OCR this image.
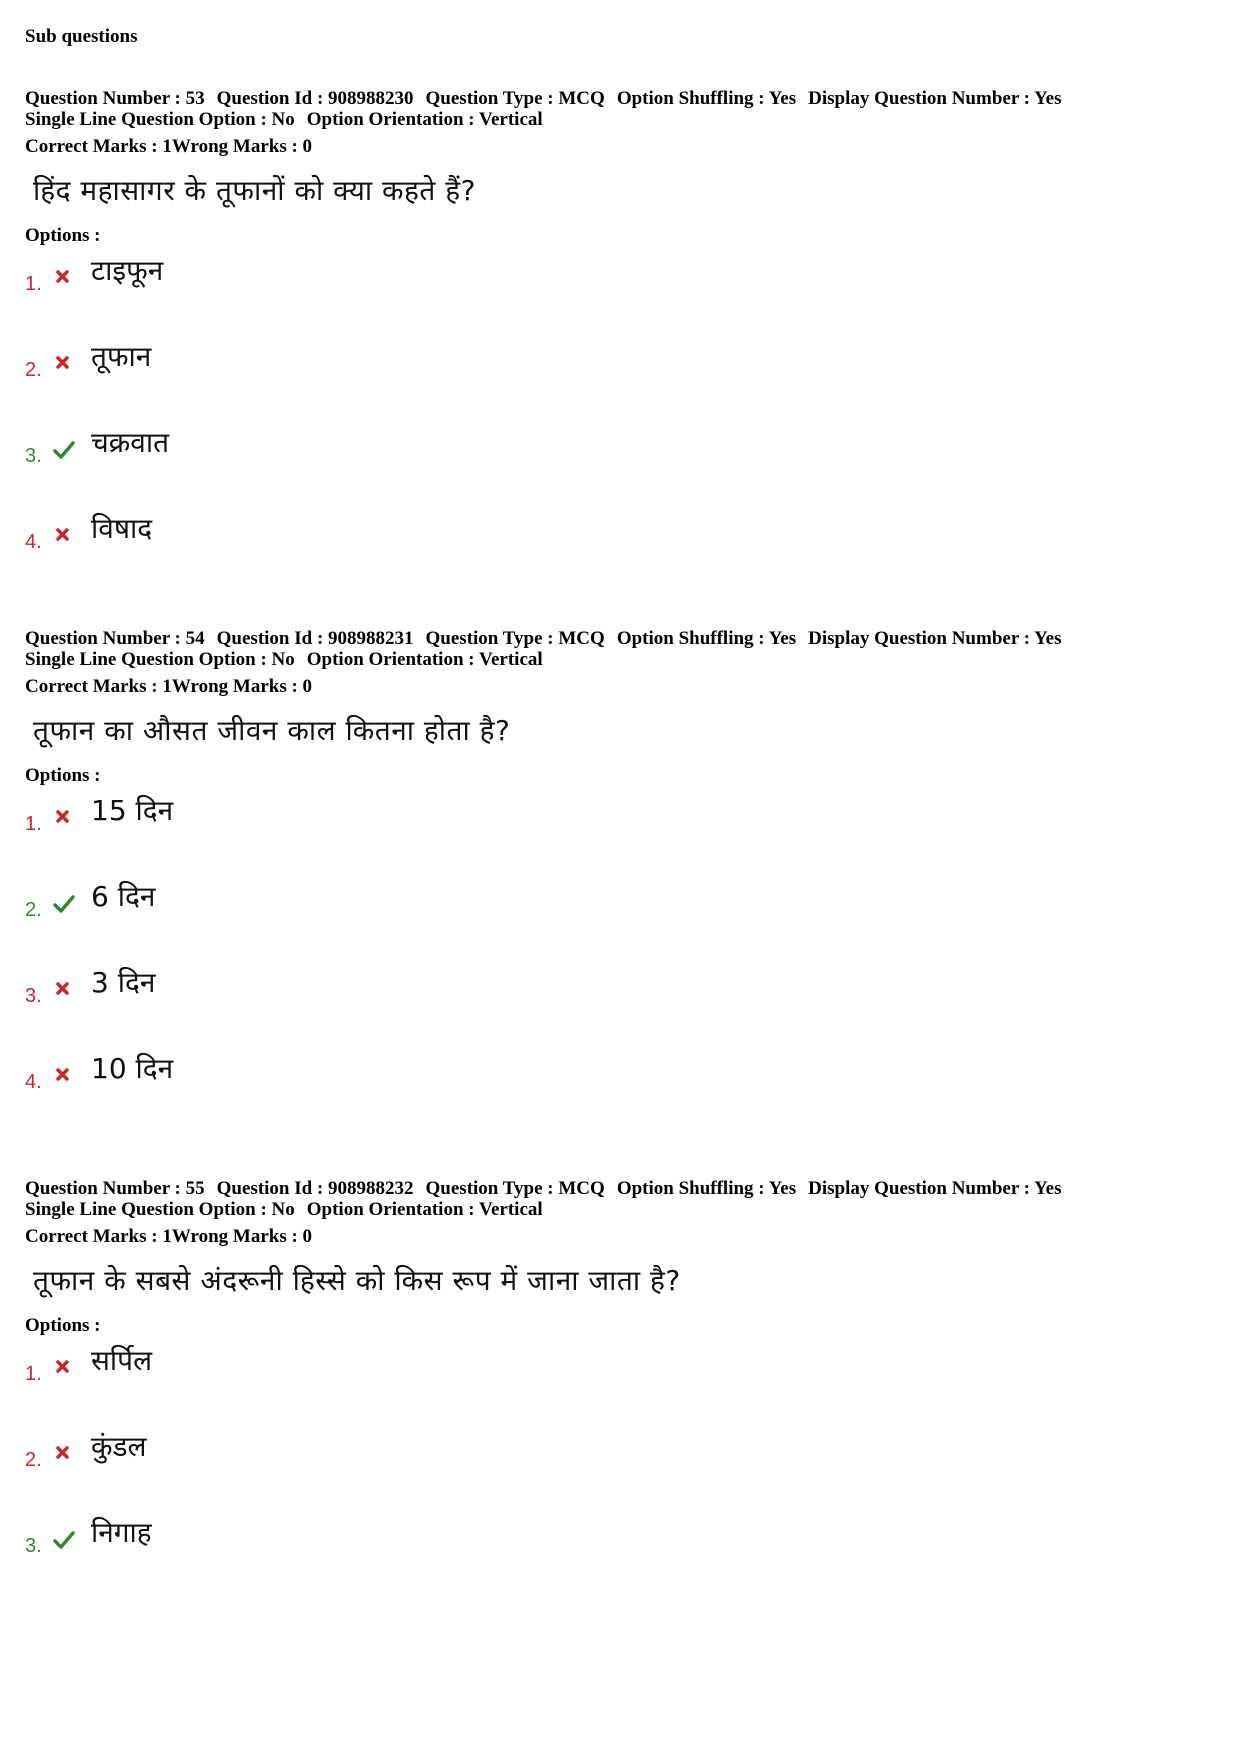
Sub questions
Question Number : 53 Question Id : 908988230 Question Type : MCQ Option Shuffling : Yes Display Question Number : Yes
Single Line Question Option : No Option Orientation : Vertical
Correct Marks : 1Wrong Marks : 0
हिंद महासागर के तूफानों को क्या कहते हैं?
Options :
1. टाइफून
2. तूफान
3. चक्रवात
4. विषाद
Question Number : 54 Question Id : 908988231 Question Type : MCQ Option Shuffling : Yes Display Question Number : Yes
Single Line Question Option : No Option Orientation : Vertical
Correct Marks : 1Wrong Marks : 0
तूफान का औसत जीवन काल कितना होता है?
Options :
1. 15 दिन
2. 6 दिन
3. 3 दिन
4. 10 दिन
Question Number : 55 Question Id : 908988232 Question Type : MCQ Option Shuffling : Yes Display Question Number : Yes
Single Line Question Option : No Option Orientation : Vertical
Correct Marks : 1Wrong Marks : 0
तूफान के सबसे अंदरूनी हिस्से को किस रूप में जाना जाता है?
Options :
1. सर्पिल
2. कुंडल
3. निगाह
